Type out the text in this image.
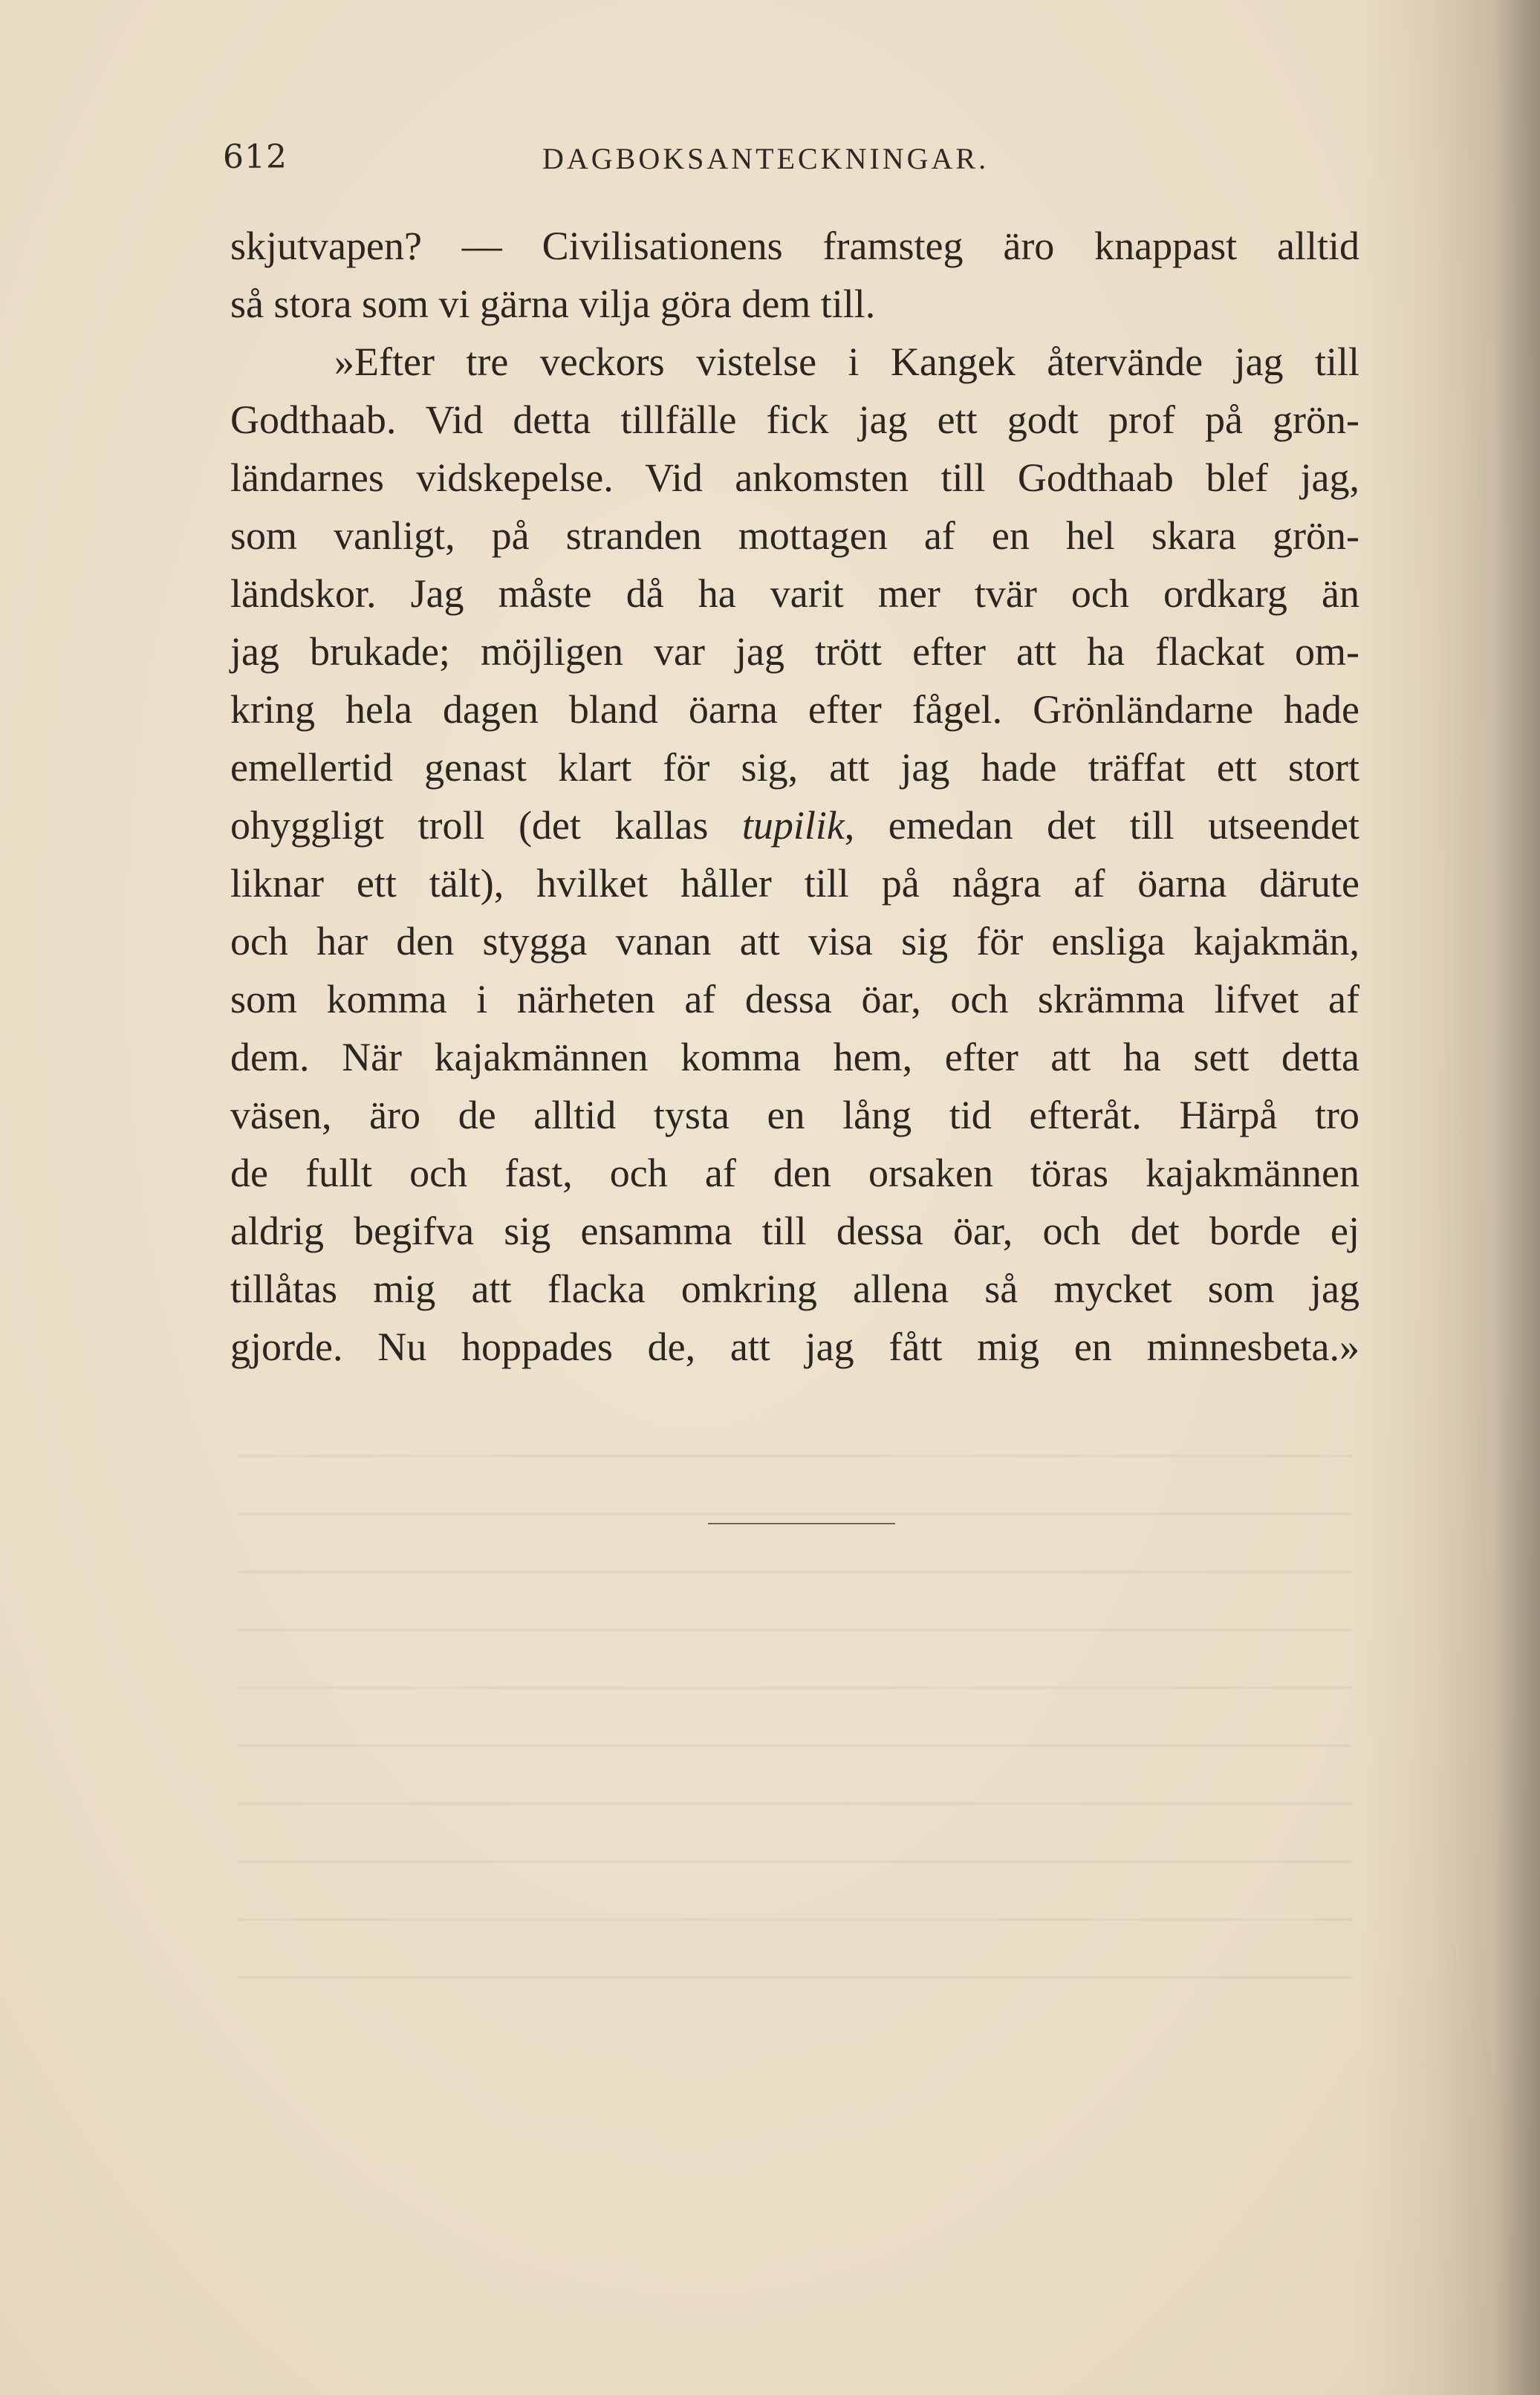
612	DAGBOKSANTECKNINGAR.
skjutvapen? — Civilisationens framsteg äro knappast alltid
så stora som vi gärna vilja göra dem till.
»Efter tre veckors vistelse i Kangek återvände jag till
Godthaab. Vid detta tillfälle fick jag ett godt prof på grön-
ländarnes vidskepelse. Vid ankomsten till Godthaab blef jag,
som vanligt, på stranden mottagen af en hel skara grön-
ländskor. Jag måste då ha varit mer tvär och ordkarg än
jag brukade; möjligen var jag trött efter att ha flackat om-
kring hela dagen bland öarna efter fågel. Grönländarne hade
emellertid genast klart för sig, att jag hade träffat ett stort
ohyggligt troll (det kallas tupilik, emedan det till utseendet
liknar ett tält), hvilket håller till på några af öarna därute
och har den stygga vanan att visa sig för ensliga kajakmän,
som komma i närheten af dessa öar, och skrämma lifvet af
dem. När kajakmännen komma hem, efter att ha sett detta
väsen, äro de alltid tysta en lång tid efteråt. Härpå tro
de fullt och fast, och af den orsaken töras kajakmännen
aldrig begifva sig ensamma till dessa öar, och det borde ej
tillåtas mig att flacka omkring allena så mycket som jag
gjorde. Nu hoppades de, att jag fått mig en minnesbeta.»
